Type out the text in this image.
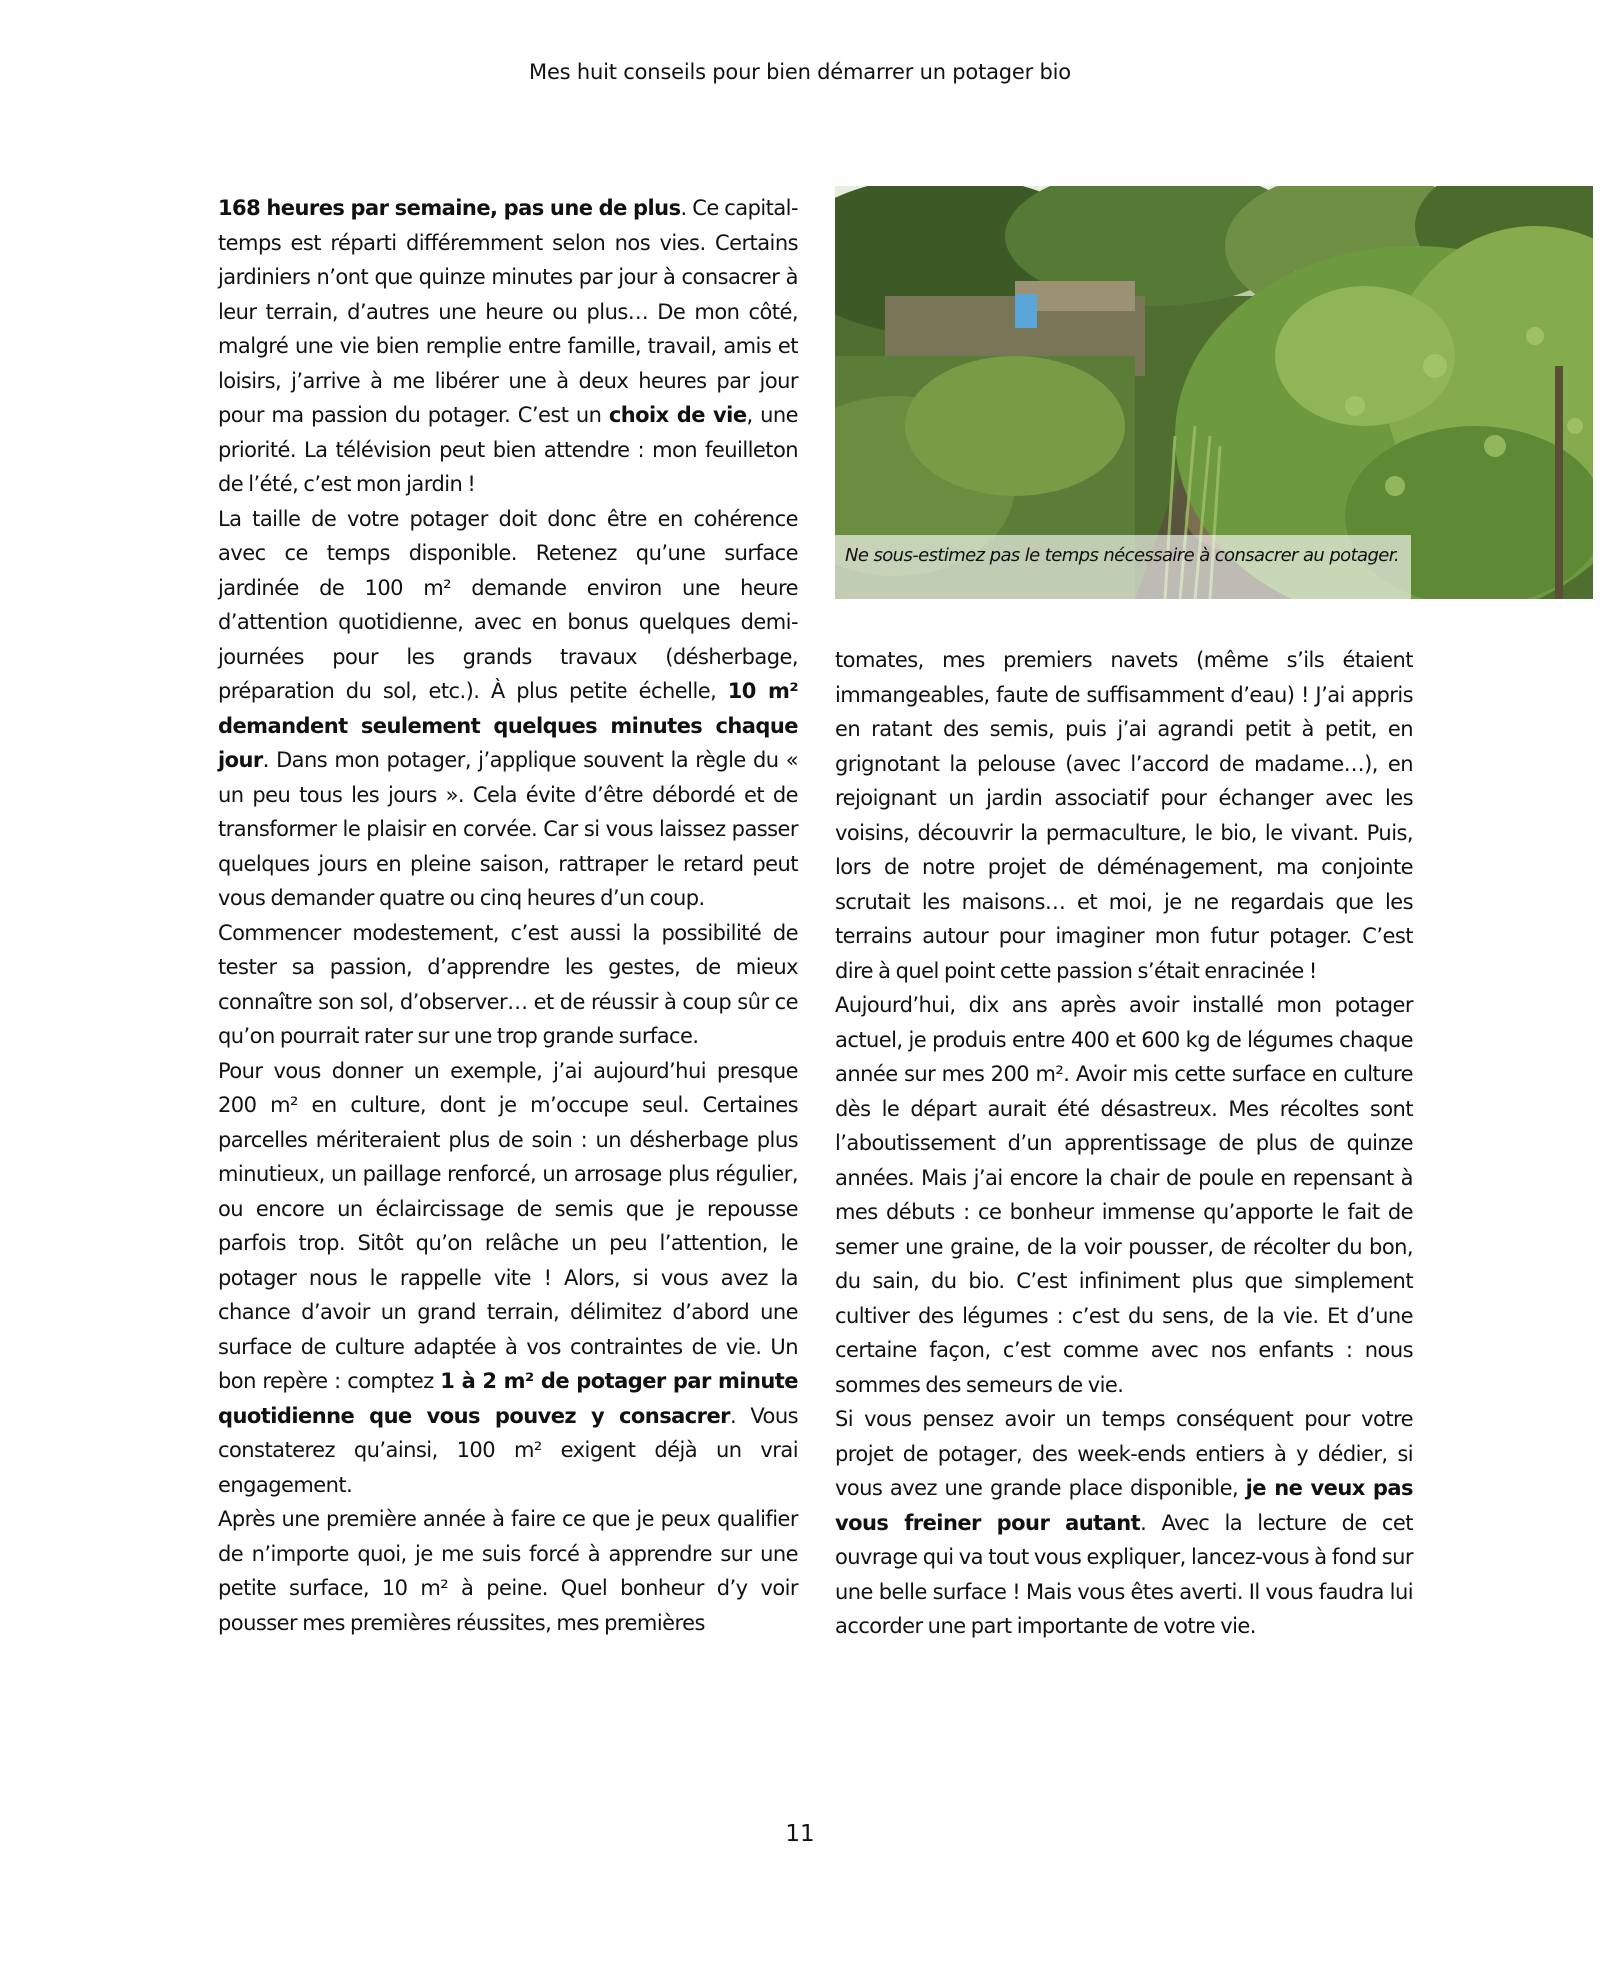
Mes huit conseils pour bien démarrer un potager bio

168 heures par semaine, pas une de plus. Ce capital-temps est réparti différemment selon nos vies. Certains jardiniers n’ont que quinze minutes par jour à consacrer à leur terrain, d’autres une heure ou plus… De mon côté, malgré une vie bien remplie entre famille, travail, amis et loisirs, j’arrive à me libérer une à deux heures par jour pour ma passion du potager. C’est un choix de vie, une priorité. La télévision peut bien attendre : mon feuilleton de l’été, c’est mon jardin !

La taille de votre potager doit donc être en cohérence avec ce temps disponible. Retenez qu’une surface jardinée de 100 m² demande environ une heure d’attention quotidienne, avec en bonus quelques demi-journées pour les grands travaux (désherbage, préparation du sol, etc.). À plus petite échelle, 10 m² demandent seulement quelques minutes chaque jour. Dans mon potager, j’applique souvent la règle du « un peu tous les jours ». Cela évite d’être débordé et de transformer le plaisir en corvée. Car si vous laissez passer quelques jours en pleine saison, rattraper le retard peut vous demander quatre ou cinq heures d’un coup.

Commencer modestement, c’est aussi la possibilité de tester sa passion, d’apprendre les gestes, de mieux connaître son sol, d’observer… et de réussir à coup sûr ce qu’on pourrait rater sur une trop grande surface.

Pour vous donner un exemple, j’ai aujourd’hui presque 200 m² en culture, dont je m’occupe seul. Certaines parcelles mériteraient plus de soin : un désherbage plus minutieux, un paillage renforcé, un arrosage plus régulier, ou encore un éclaircissage de semis que je repousse parfois trop. Sitôt qu’on relâche un peu l’attention, le potager nous le rappelle vite ! Alors, si vous avez la chance d’avoir un grand terrain, délimitez d’abord une surface de culture adaptée à vos contraintes de vie. Un bon repère : comptez 1 à 2 m² de potager par minute quotidienne que vous pouvez y consacrer. Vous constaterez qu’ainsi, 100 m² exigent déjà un vrai engagement.

Après une première année à faire ce que je peux qualifier de n’importe quoi, je me suis forcé à apprendre sur une petite surface, 10 m² à peine. Quel bonheur d’y voir pousser mes premières réussites, mes premières

Ne sous-estimez pas le temps nécessaire à consacrer au potager.

tomates, mes premiers navets (même s’ils étaient immangeables, faute de suffisamment d’eau) ! J’ai appris en ratant des semis, puis j’ai agrandi petit à petit, en grignotant la pelouse (avec l’accord de madame…), en rejoignant un jardin associatif pour échanger avec les voisins, découvrir la permaculture, le bio, le vivant. Puis, lors de notre projet de déménagement, ma conjointe scrutait les maisons… et moi, je ne regardais que les terrains autour pour imaginer mon futur potager. C’est dire à quel point cette passion s’était enracinée !

Aujourd’hui, dix ans après avoir installé mon potager actuel, je produis entre 400 et 600 kg de légumes chaque année sur mes 200 m². Avoir mis cette surface en culture dès le départ aurait été désastreux. Mes récoltes sont l’aboutissement d’un apprentissage de plus de quinze années. Mais j’ai encore la chair de poule en repensant à mes débuts : ce bonheur immense qu’apporte le fait de semer une graine, de la voir pousser, de récolter du bon, du sain, du bio. C’est infiniment plus que simplement cultiver des légumes : c’est du sens, de la vie. Et d’une certaine façon, c’est comme avec nos enfants : nous sommes des semeurs de vie.

Si vous pensez avoir un temps conséquent pour votre projet de potager, des week-ends entiers à y dédier, si vous avez une grande place disponible, je ne veux pas vous freiner pour autant. Avec la lecture de cet ouvrage qui va tout vous expliquer, lancez-vous à fond sur une belle surface ! Mais vous êtes averti. Il vous faudra lui accorder une part importante de votre vie.

11
